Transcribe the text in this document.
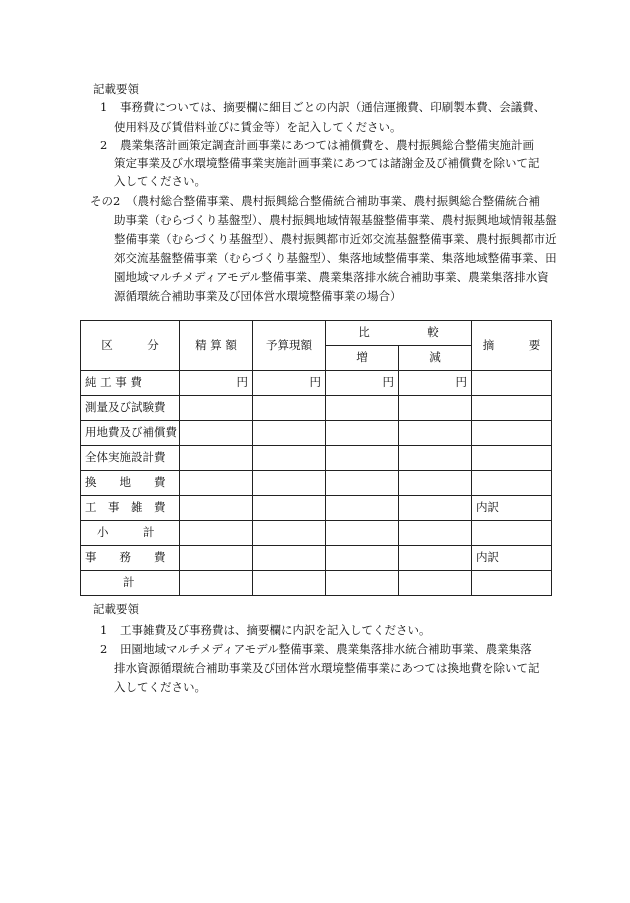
記載要領
1	事務費については、摘要欄に細目ごとの内訳（通信運搬費、印刷製本費、会議費、
使用料及び賃借料並びに賃金等）を記入してください。
2	農業集落計画策定調査計画事業にあつては補償費を、農村振興総合整備実施計画
策定事業及び水環境整備事業実施計画事業にあつては諸謝金及び補償費を除いて記
入してください。
その2　（農村総合整備事業、農村振興総合整備統合補助事業、農村振興総合整備統合補
助事業（むらづくり基盤型）、農村振興地域情報基盤整備事業、農村振興地域情報基盤
整備事業（むらづくり基盤型）、農村振興都市近郊交流基盤整備事業、農村振興都市近
郊交流基盤整備事業（むらづくり基盤型）、集落地域整備事業、集落地域整備事業、田
園地域マルチメディアモデル整備事業、農業集落排水統合補助事業、農業集落排水資
源循環統合補助事業及び団体営水環境整備事業の場合）
区　　　分	精 算 額	予算現額	比　　　　　較		摘　　　要
			増	減	
純 工 事 費	円	円	円	円	
測量及び試験費					
用地費及び補償費					
全体実施設計費					
換　　地　　費					
工　事　雑　費					内訳
小　　　計					
事　　務　　費					内訳
計					
記載要領
1	工事雑費及び事務費は、摘要欄に内訳を記入してください。
2	田園地域マルチメディアモデル整備事業、農業集落排水統合補助事業、農業集落
排水資源循環統合補助事業及び団体営水環境整備事業にあつては換地費を除いて記
入してください。
